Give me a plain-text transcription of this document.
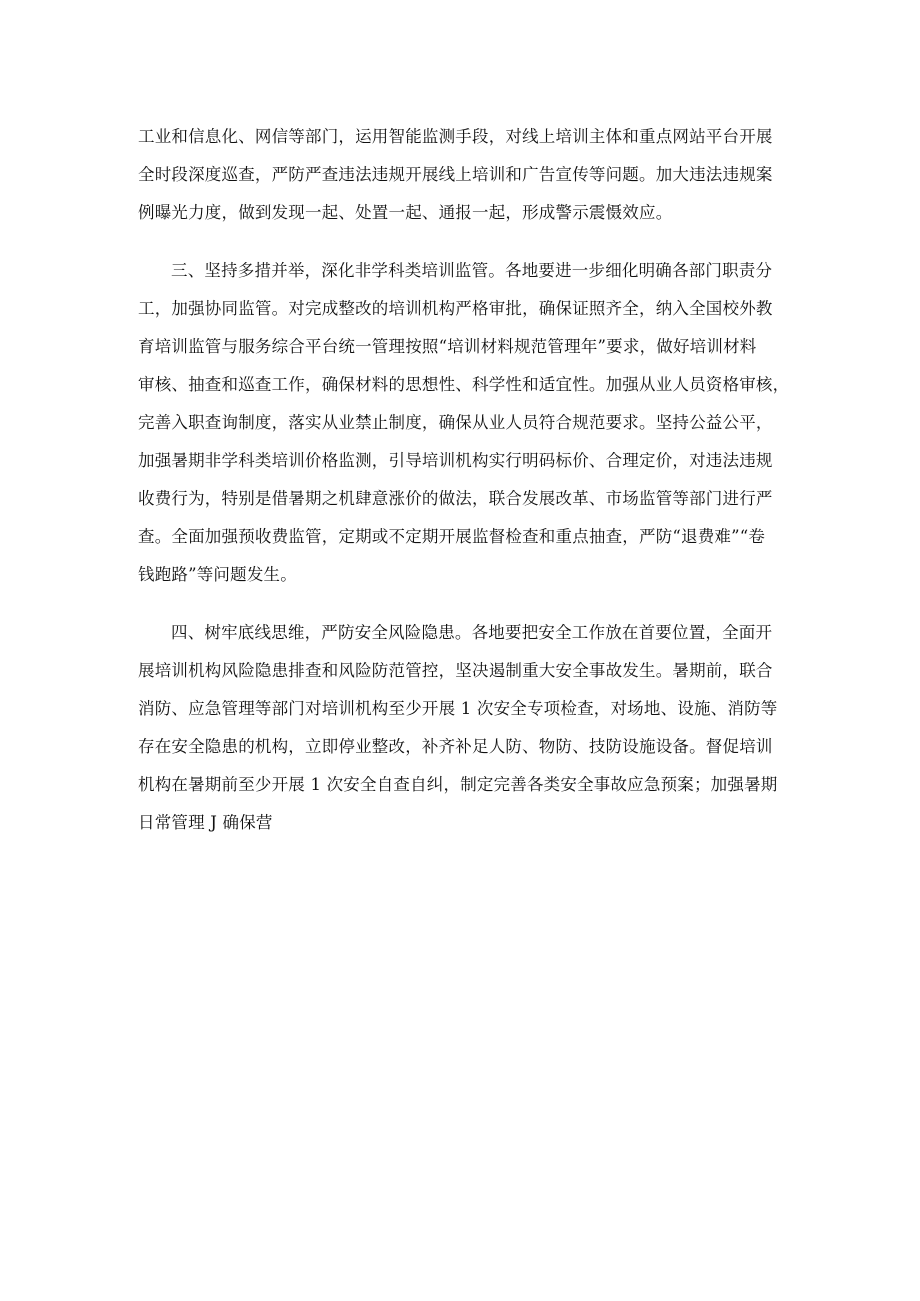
工业和信息化、网信等部门，运用智能监测手段，对线上培训主体和重点网站平台开展
全时段深度巡查，严防严查违法违规开展线上培训和广告宣传等问题。加大违法违规案
例曝光力度，做到发现一起、处置一起、通报一起，形成警示震慑效应。
三、坚持多措并举，深化非学科类培训监管。各地要进一步细化明确各部门职责分
工，加强协同监管。对完成整改的培训机构严格审批，确保证照齐全，纳入全国校外教
育培训监管与服务综合平台统一管理按照“培训材料规范管理年”要求，做好培训材料
审核、抽查和巡查工作，确保材料的思想性、科学性和适宜性。加强从业人员资格审核，
完善入职查询制度，落实从业禁止制度，确保从业人员符合规范要求。坚持公益公平，
加强暑期非学科类培训价格监测，引导培训机构实行明码标价、合理定价，对违法违规
收费行为，特别是借暑期之机肆意涨价的做法，联合发展改革、市场监管等部门进行严
查。全面加强预收费监管，定期或不定期开展监督检查和重点抽查，严防“退费难”“卷
钱跑路”等问题发生。
四、树牢底线思维，严防安全风险隐患。各地要把安全工作放在首要位置，全面开
展培训机构风险隐患排查和风险防范管控，坚决遏制重大安全事故发生。暑期前，联合
消防、应急管理等部门对培训机构至少开展 1 次安全专项检查，对场地、设施、消防等
存在安全隐患的机构，立即停业整改，补齐补足人防、物防、技防设施设备。督促培训
机构在暑期前至少开展 1 次安全自查自纠，制定完善各类安全事故应急预案；加强暑期
日常管理 J 确保营
